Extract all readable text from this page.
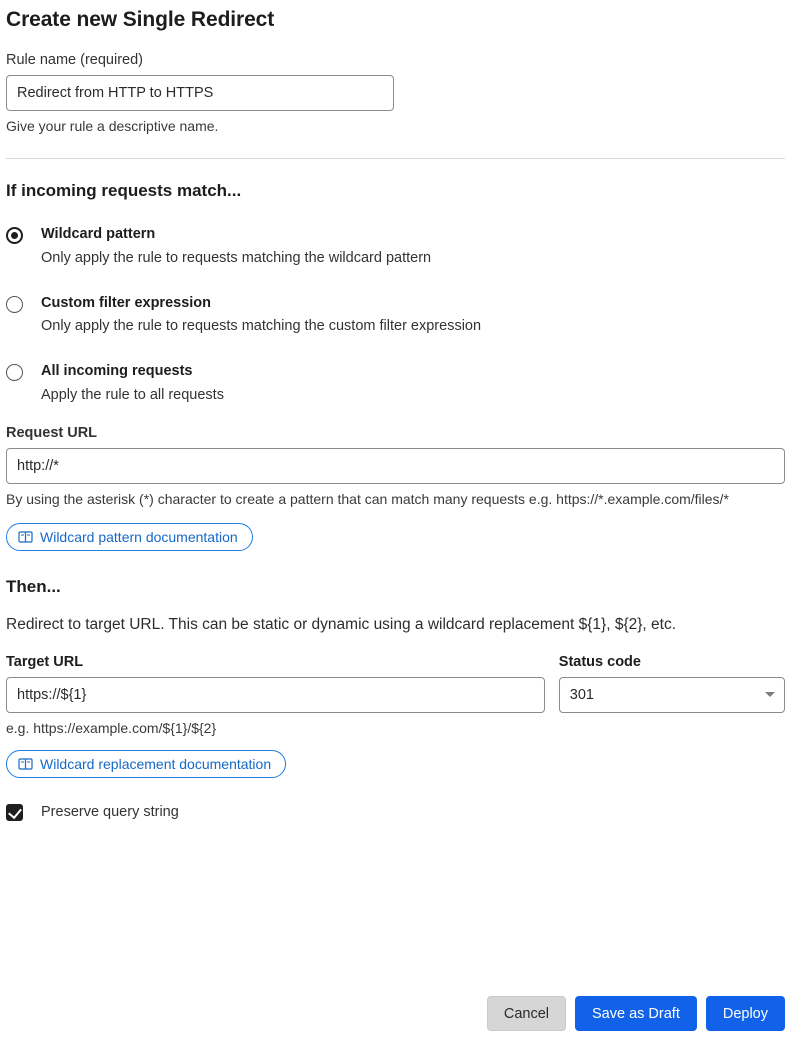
Create new Single Redirect
Rule name (required)
Redirect from HTTP to HTTPS
Give your rule a descriptive name.
If incoming requests match...
Wildcard pattern
Only apply the rule to requests matching the wildcard pattern
Custom filter expression
Only apply the rule to requests matching the custom filter expression
All incoming requests
Apply the rule to all requests
Request URL
http://*
By using the asterisk (*) character to create a pattern that can match many requests e.g. https://*.example.com/files/*
Wildcard pattern documentation
Then...
Redirect to target URL. This can be static or dynamic using a wildcard replacement ${1}, ${2}, etc.
Target URL
https://${1}	Status code
301
e.g. https://example.com/${1}/${2}
Wildcard replacement documentation
Preserve query string
Cancel	Save as Draft	Deploy
